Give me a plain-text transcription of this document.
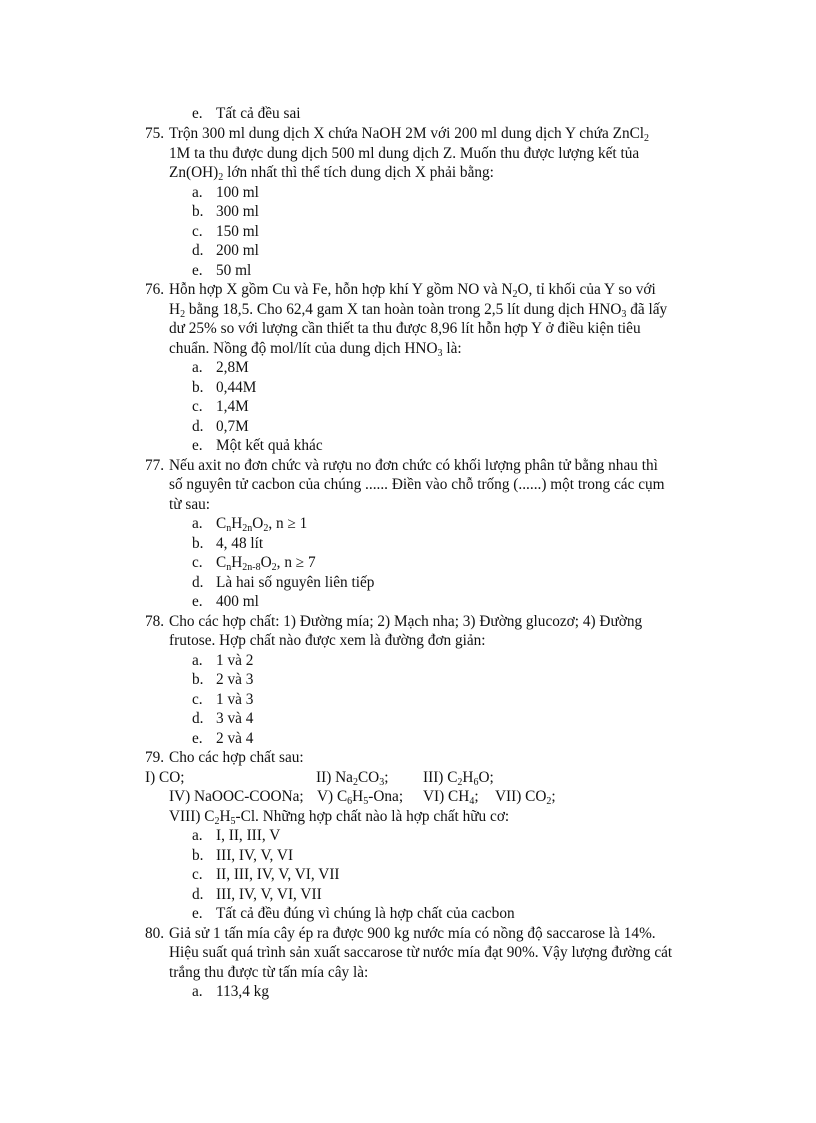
e. Tất cả đều sai
75. Trộn 300 ml dung dịch X chứa NaOH 2M với 200 ml dung dịch Y chứa ZnCl$_2$
1M ta thu được dung dịch 500 ml dung dịch Z. Muốn thu được lượng kết tủa
$Zn(OH)_2$ lớn nhất thì thể tích dung dịch X phải bằng:
a. 100 ml
b. 300 ml
c. 150 ml
d. 200 ml
e. 50 ml
76. Hỗn hợp X gồm Cu và Fe, hỗn hợp khí Y gồm NO và $N_2O$, tỉ khối của Y so với
$H_2$ bằng 18,5. Cho 62,4 gam X tan hoàn toàn trong 2,5 lít dung dịch $HNO_3$ đã lấy
dư 25% so với lượng cần thiết ta thu được 8,96 lít hỗn hợp Y ở điều kiện tiêu
chuẩn. Nồng độ mol/lít của dung dịch $HNO_3$ là:
a. 2,8M
b. 0,44M
c. 1,4M
d. 0,7M
e. Một kết quả khác
77. Nếu axit no đơn chức và rượu no đơn chức có khối lượng phân tử bằng nhau thì
số nguyên tử cacbon của chúng ...... Điền vào chỗ trống (......) một trong các cụm
từ sau:
a. $C_nH_{2n}O_2$, n ≥ 1
b. 4, 48 lít
c. $C_nH_{2n-8}O_2$, n ≥ 7
d. Là hai số nguyên liên tiếp
e. 400 ml
78. Cho các hợp chất: 1) Đường mía; 2) Mạch nha; 3) Đường glucozơ; 4) Đường
frutose. Hợp chất nào được xem là đường đơn giản:
a. 1 và 2
b. 2 và 3
c. 1 và 3
d. 3 và 4
e. 2 và 4
79. Cho các hợp chất sau:
I) CO;	II) $Na_2CO_3$; III) $C_2H_6O$;
IV) NaOOC-COONa; V) $C_6H_5$-Ona; VI) $CH_4$; VII) $CO_2$;
VIII) $C_2H_5-Cl$. Những hợp chất nào là hợp chất hữu cơ:
a. I, II, III, V
b. III, IV, V, VI
c. II, III, IV, V, VI, VII
d. III, IV, V, VI, VII
e. Tất cả đều đúng vì chúng là hợp chất của cacbon
80. Giả sử 1 tấn mía cây ép ra được 900 kg nước mía có nồng độ saccarose là 14%.
Hiệu suất quá trình sản xuất saccarose từ nước mía đạt 90%. Vậy lượng đường cát
trắng thu được từ tấn mía cây là:
a. 113,4 kg
